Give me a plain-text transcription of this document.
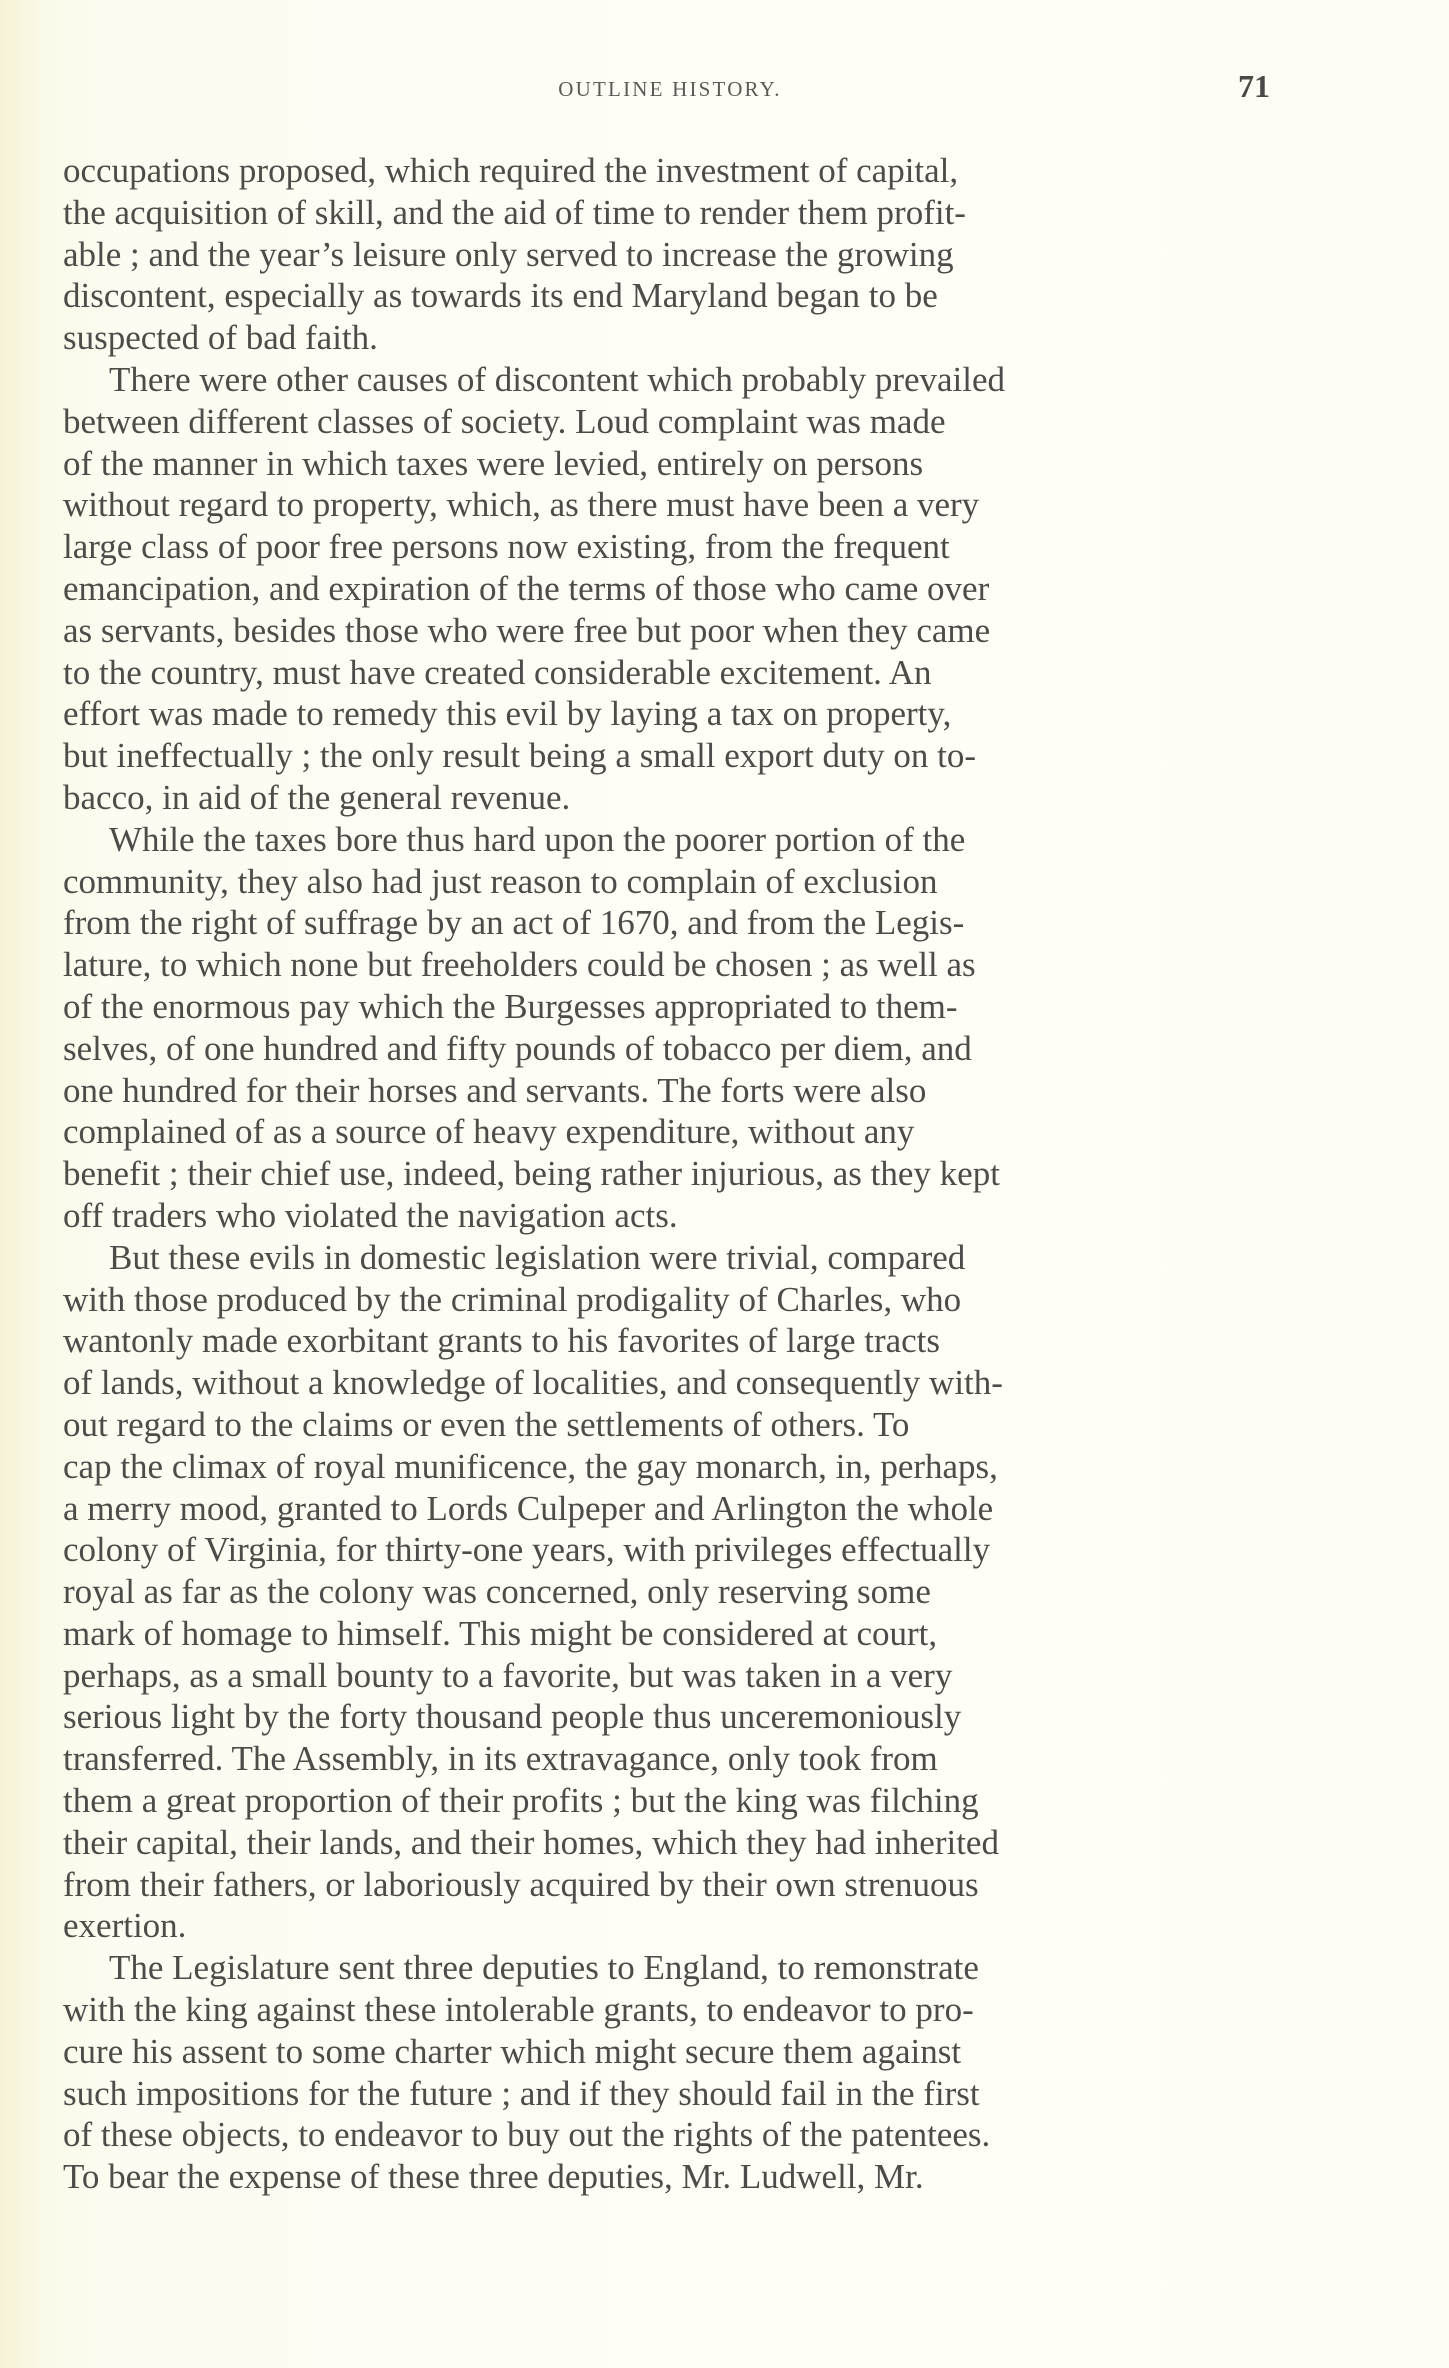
OUTLINE HISTORY.	71
occupations proposed, which required the investment of capital,
the acquisition of skill, and the aid of time to render them profit-
able ; and the year’s leisure only served to increase the growing
discontent, especially as towards its end Maryland began to be
suspected of bad faith.
There were other causes of discontent which probably prevailed
between different classes of society. Loud complaint was made
of the manner in which taxes were levied, entirely on persons
without regard to property, which, as there must have been a very
large class of poor free persons now existing, from the frequent
emancipation, and expiration of the terms of those who came over
as servants, besides those who were free but poor when they came
to the country, must have created considerable excitement. An
effort was made to remedy this evil by laying a tax on property,
but ineffectually ; the only result being a small export duty on to-
bacco, in aid of the general revenue.
While the taxes bore thus hard upon the poorer portion of the
community, they also had just reason to complain of exclusion
from the right of suffrage by an act of 1670, and from the Legis-
lature, to which none but freeholders could be chosen ; as well as
of the enormous pay which the Burgesses appropriated to them-
selves, of one hundred and fifty pounds of tobacco per diem, and
one hundred for their horses and servants. The forts were also
complained of as a source of heavy expenditure, without any
benefit ; their chief use, indeed, being rather injurious, as they kept
off traders who violated the navigation acts.
But these evils in domestic legislation were trivial, compared
with those produced by the criminal prodigality of Charles, who
wantonly made exorbitant grants to his favorites of large tracts
of lands, without a knowledge of localities, and consequently with-
out regard to the claims or even the settlements of others. To
cap the climax of royal munificence, the gay monarch, in, perhaps,
a merry mood, granted to Lords Culpeper and Arlington the whole
colony of Virginia, for thirty-one years, with privileges effectually
royal as far as the colony was concerned, only reserving some
mark of homage to himself. This might be considered at court,
perhaps, as a small bounty to a favorite, but was taken in a very
serious light by the forty thousand people thus unceremoniously
transferred. The Assembly, in its extravagance, only took from
them a great proportion of their profits ; but the king was filching
their capital, their lands, and their homes, which they had inherited
from their fathers, or laboriously acquired by their own strenuous
exertion.
The Legislature sent three deputies to England, to remonstrate
with the king against these intolerable grants, to endeavor to pro-
cure his assent to some charter which might secure them against
such impositions for the future ; and if they should fail in the first
of these objects, to endeavor to buy out the rights of the patentees.
To bear the expense of these three deputies, Mr. Ludwell, Mr.
